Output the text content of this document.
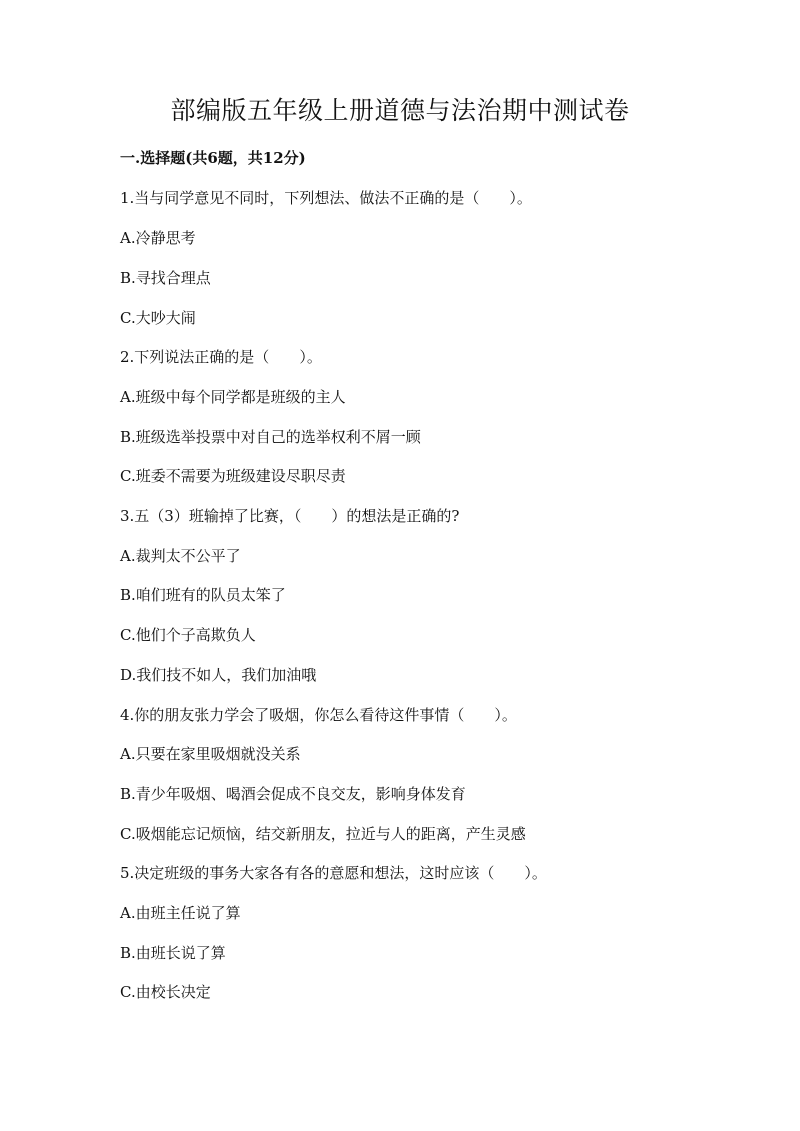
部编版五年级上册道德与法治期中测试卷
一.选择题(共6题，共12分)
1.当与同学意见不同时，下列想法、做法不正确的是（　　）。
A.冷静思考
B.寻找合理点
C.大吵大闹
2.下列说法正确的是（　　）。
A.班级中每个同学都是班级的主人
B.班级选举投票中对自己的选举权利不屑一顾
C.班委不需要为班级建设尽职尽责
3.五（3）班输掉了比赛，（　　）的想法是正确的?
A.裁判太不公平了
B.咱们班有的队员太笨了
C.他们个子高欺负人
D.我们技不如人，我们加油哦
4.你的朋友张力学会了吸烟，你怎么看待这件事情（　　）。
A.只要在家里吸烟就没关系
B.青少年吸烟、喝酒会促成不良交友，影响身体发育
C.吸烟能忘记烦恼，结交新朋友，拉近与人的距离，产生灵感
5.决定班级的事务大家各有各的意愿和想法，这时应该（　　）。
A.由班主任说了算
B.由班长说了算
C.由校长决定
